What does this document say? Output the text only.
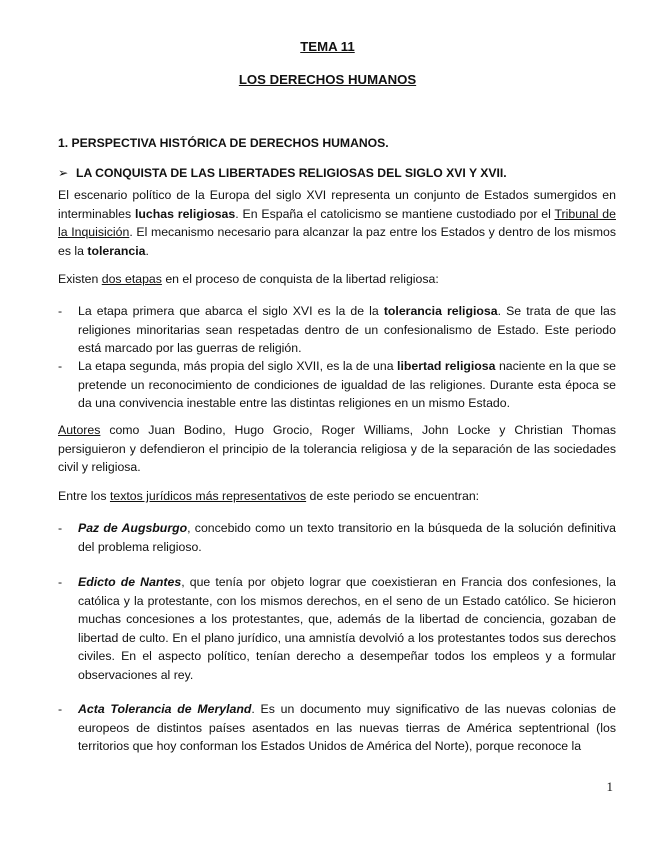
TEMA 11
LOS DERECHOS HUMANOS
1. PERSPECTIVA HISTÓRICA DE DERECHOS HUMANOS.
➢ LA CONQUISTA DE LAS LIBERTADES RELIGIOSAS DEL SIGLO XVI Y XVII.

El escenario político de la Europa del siglo XVI representa un conjunto de Estados sumergidos en interminables luchas religiosas. En España el catolicismo se mantiene custodiado por el Tribunal de la Inquisición. El mecanismo necesario para alcanzar la paz entre los Estados y dentro de los mismos es la tolerancia.

Existen dos etapas en el proceso de conquista de la libertad religiosa:

-	La etapa primera que abarca el siglo XVI es la de la tolerancia religiosa. Se trata de que las religiones minoritarias sean respetadas dentro de un confesionalismo de Estado. Este periodo está marcado por las guerras de religión.
-	La etapa segunda, más propia del siglo XVII, es la de una libertad religiosa naciente en la que se pretende un reconocimiento de condiciones de igualdad de las religiones. Durante esta época se da una convivencia inestable entre las distintas religiones en un mismo Estado.

Autores como Juan Bodino, Hugo Grocio, Roger Williams, John Locke y Christian Thomas persiguieron y defendieron el principio de la tolerancia religiosa y de la separación de las sociedades civil y religiosa.

Entre los textos jurídicos más representativos de este periodo se encuentran:

-	Paz de Augsburgo, concebido como un texto transitorio en la búsqueda de la solución definitiva del problema religioso.
-	Edicto de Nantes, que tenía por objeto lograr que coexistieran en Francia dos confesiones, la católica y la protestante, con los mismos derechos, en el seno de un Estado católico. Se hicieron muchas concesiones a los protestantes, que, además de la libertad de conciencia, gozaban de libertad de culto. En el plano jurídico, una amnistía devolvió a los protestantes todos sus derechos civiles. En el aspecto político, tenían derecho a desempeñar todos los empleos y a formular observaciones al rey.
-	Acta Tolerancia de Meryland. Es un documento muy significativo de las nuevas colonias de europeos de distintos países asentados en las nuevas tierras de América septentrional (los territorios que hoy conforman los Estados Unidos de América del Norte), porque reconoce la
1
